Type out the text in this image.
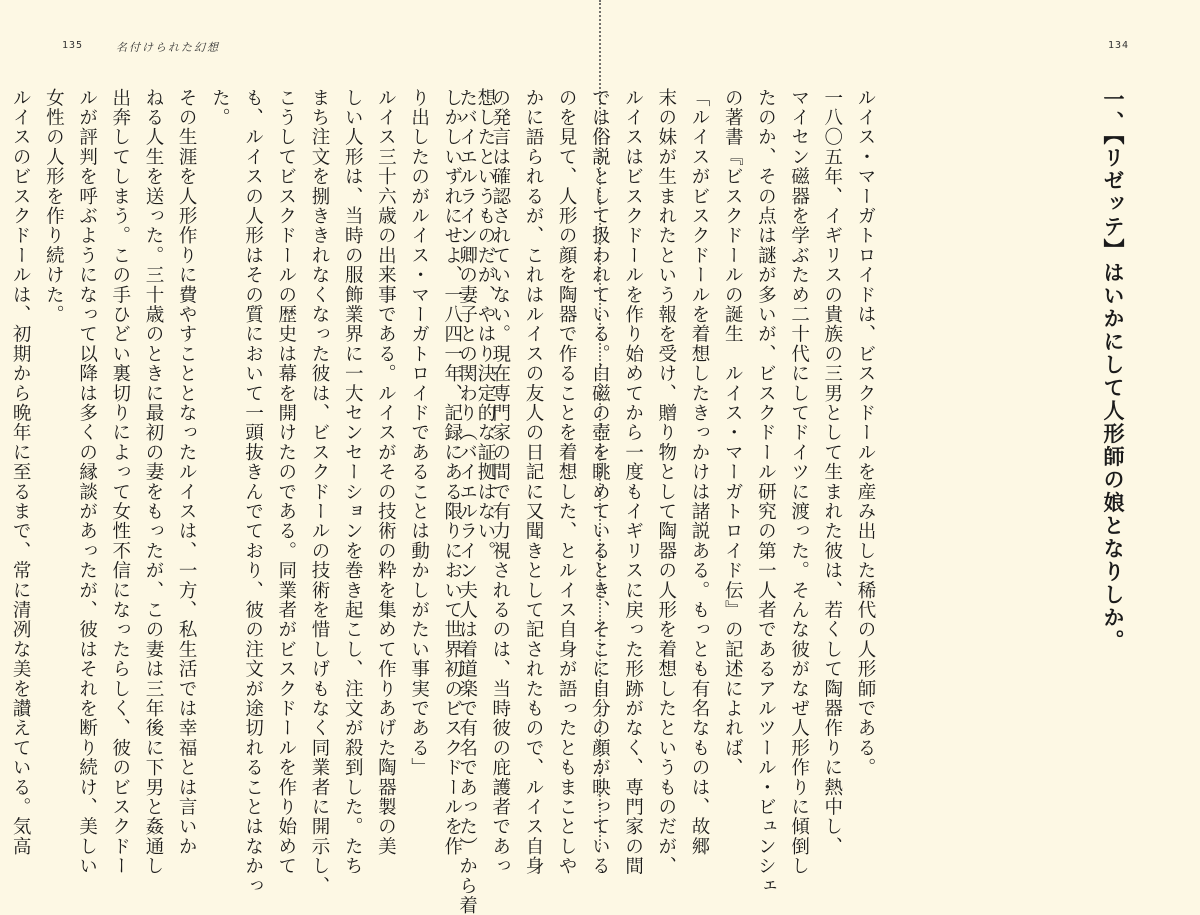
135	名付けられた幻想
想したというものだが、やはり決定的な証拠はない。
しかしいずれにせよ、一八四一年、記録にある限りにおいて世界初のビスクドールを作
り出したのがルイス・マーガトロイドであることは動かしがたい事実である」
ルイス三十六歳の出来事である。ルイスがその技術の粋を集めて作りあげた陶器製の美
しい人形は、当時の服飾業界に一大センセーションを巻き起こし、注文が殺到した。たち
まち注文を捌ききれなくなった彼は、ビスクドールの技術を惜しげもなく同業者に開示し、
こうしてビスクドールの歴史は幕を開けたのである。同業者がビスクドールを作り始めて
も、ルイスの人形はその質において一頭抜きんでており、彼の注文が途切れることはなかっ
た。
その生涯を人形作りに費やすこととなったルイスは、一方、私生活では幸福とは言いか
ねる人生を送った。三十歳のときに最初の妻をもったが、この妻は三年後に下男と姦通し
出奔してしまう。この手ひどい裏切りによって女性不信になったらしく、彼のビスクドー
ルが評判を呼ぶようになって以降は多くの縁談があったが、彼はそれを断り続け、美しい
女性の人形を作り続けた。
ルイスのビスクドールは、初期から晩年に至るまで、常に清冽な美を讃えている。気高	ルイス・マーガトロイドは、ビスクドールを産み出した稀代の人形師である。
一八〇五年、イギリスの貴族の三男として生まれた彼は、若くして陶器作りに熱中し、
マイセン磁器を学ぶため二十代にしてドイツに渡った。そんな彼がなぜ人形作りに傾倒し
たのか、その点は謎が多いが、ビスクドール研究の第一人者であるアルツール・ビュンシェ
の著書『ビスクドールの誕生　ルイス・マーガトロイド伝』の記述によれば、
「ルイスがビスクドールを着想したきっかけは諸説ある。もっとも有名なものは、故郷
末の妹が生まれたという報を受け、贈り物として陶器の人形を着想したというものだが、
ルイスはビスクドールを作り始めてから一度もイギリスに戻った形跡がなく、専門家の間
では俗説として扱われている。白磁の壺を眺めているとき、そこに自分の顔が映っている
のを見て、人形の顔を陶器で作ることを着想した、とルイス自身が語ったともまことしや
かに語られるが、これはルイスの友人の日記に又聞きとして記されたもので、ルイス自身
の発言は確認されていない。現在専門家の間で有力視されるのは、当時彼の庇護者であっ
たバイエルライン卿の妻子との関わり（バイエルライン夫人は着道楽で有名であった）から着
134
一、【リゼッテ】はいかにして人形師の娘となりしか。
